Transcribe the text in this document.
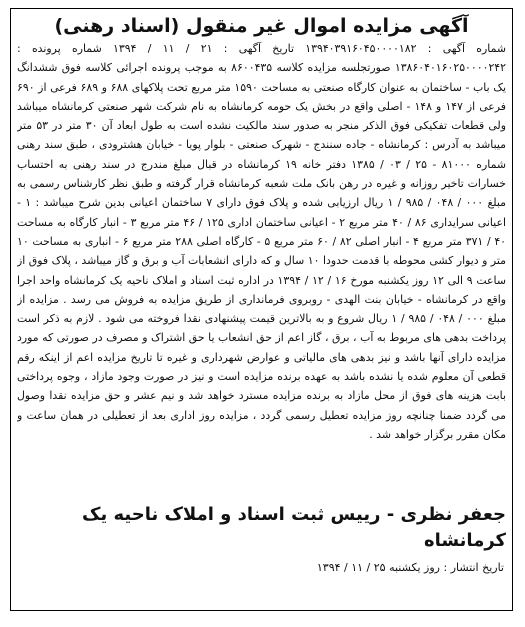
آگهی مزایده اموال غیر منقول (اسناد رهنی)
شماره آگهی : ۱۳۹۴۰۳۹۱۶۰۴۵۰۰۰۰۱۸۲ تاریخ آگهی : ۲۱ / ۱۱ / ۱۳۹۴ شماره پرونده : ۱۳۸۶۰۴۰۱۶۰۲۵۰۰۰۰۲۴۲ صورتجلسه مزایده کلاسه ۸۶۰۰۴۳۵ به موجب پرونده اجرائی کلاسه فوق ششدانگ یک باب - ساختمان به عنوان کارگاه صنعتی به مساحت ۱۵۹۰ متر مربع تحت پلاکهای ۶۸۸ و ۶۸۹ فرعی از ۶۹۰ فرعی از ۱۴۷ و ۱۴۸ - اصلی واقع در بخش یک حومه کرمانشاه به نام شرکت شهر صنعتی کرمانشاه میباشد ولی قطعات تفکیکی فوق الذکر منجر به صدور سند مالکیت نشده است به طول ابعاد آن ۳۰ متر در ۵۳ متر میباشد به آدرس : کرمانشاه - جاده سنندج - شهرک صنعتی - بلوار پویا - خیابان هشترودی ، طبق سند رهنی شماره ۸۱۰۰۰ - ۲۵ / ۰۳ / ۱۳۸۵ دفتر خانه ۱۹ کرمانشاه در قبال مبلغ مندرج در سند رهنی به احتساب خسارات تاخیر روزانه و غیره در رهن بانک ملت شعبه کرمانشاه قرار گرفته و طبق نظر کارشناس رسمی به مبلغ ۰۰۰ / ۰۴۸ / ۹۸۵ / ۱ ریال ارزیابی شده و پلاک فوق دارای ۷ ساختمان اعیانی بدین شرح میباشد : ۱ - اعیانی سرایداری ۸۶ / ۴۰ متر مربع ۲ - اعیانی ساختمان اداری ۱۲۵ / ۴۶ متر مربع ۳ - انبار کارگاه به مساحت ۴۰ / ۳۷۱ متر مربع ۴ - انبار اصلی ۸۲ / ۶۰ متر مربع ۵ - کارگاه اصلی ۲۸۸ متر مربع ۶ - انباری به مساحت ۱۰ متر و دیوار کشی محوطه با قدمت حدودا ۱۰ سال و که دارای انشعابات آب و برق و گاز میباشد ، پلاک فوق از ساعت ۹ الی ۱۲ روز یکشنبه مورخ ۱۶ / ۱۲ / ۱۳۹۴ در اداره ثبت اسناد و املاک ناحیه یک کرمانشاه واحد اجرا واقع در کرمانشاه - خیابان بنت الهدی - روبروی فرمانداری از طریق مزایده به فروش می رسد . مزایده از مبلغ ۰۰۰ / ۰۴۸ / ۹۸۵ / ۱ ریال شروع و به بالاترین قیمت پیشنهادی نقدا فروخته می شود . لازم به ذکر است پرداخت بدهی های مربوط به آب ، برق ، گاز اعم از حق انشعاب یا حق اشتراک و مصرف در صورتی که مورد مزایده دارای آنها باشد و نیز بدهی های مالیاتی و عوارض شهرداری و غیره تا تاریخ مزایده اعم از اینکه رقم قطعی آن معلوم شده یا نشده باشد به عهده برنده مزایده است و نیز در صورت وجود مازاد ، وجوه پرداختی بابت هزینه های فوق از محل مازاد به برنده مزایده مسترد خواهد شد و نیم عشر و حق مزایده نقدا وصول می گردد ضمنا چنانچه روز مزایده تعطیل رسمی گردد ، مزایده روز اداری بعد از تعطیلی در همان ساعت و مکان مقرر برگزار خواهد شد .
جعفر نظری - رییس ثبت اسناد و املاک ناحیه یک کرمانشاه
تاریخ انتشار : روز یکشنبه ۲۵ / ۱۱ / ۱۳۹۴
